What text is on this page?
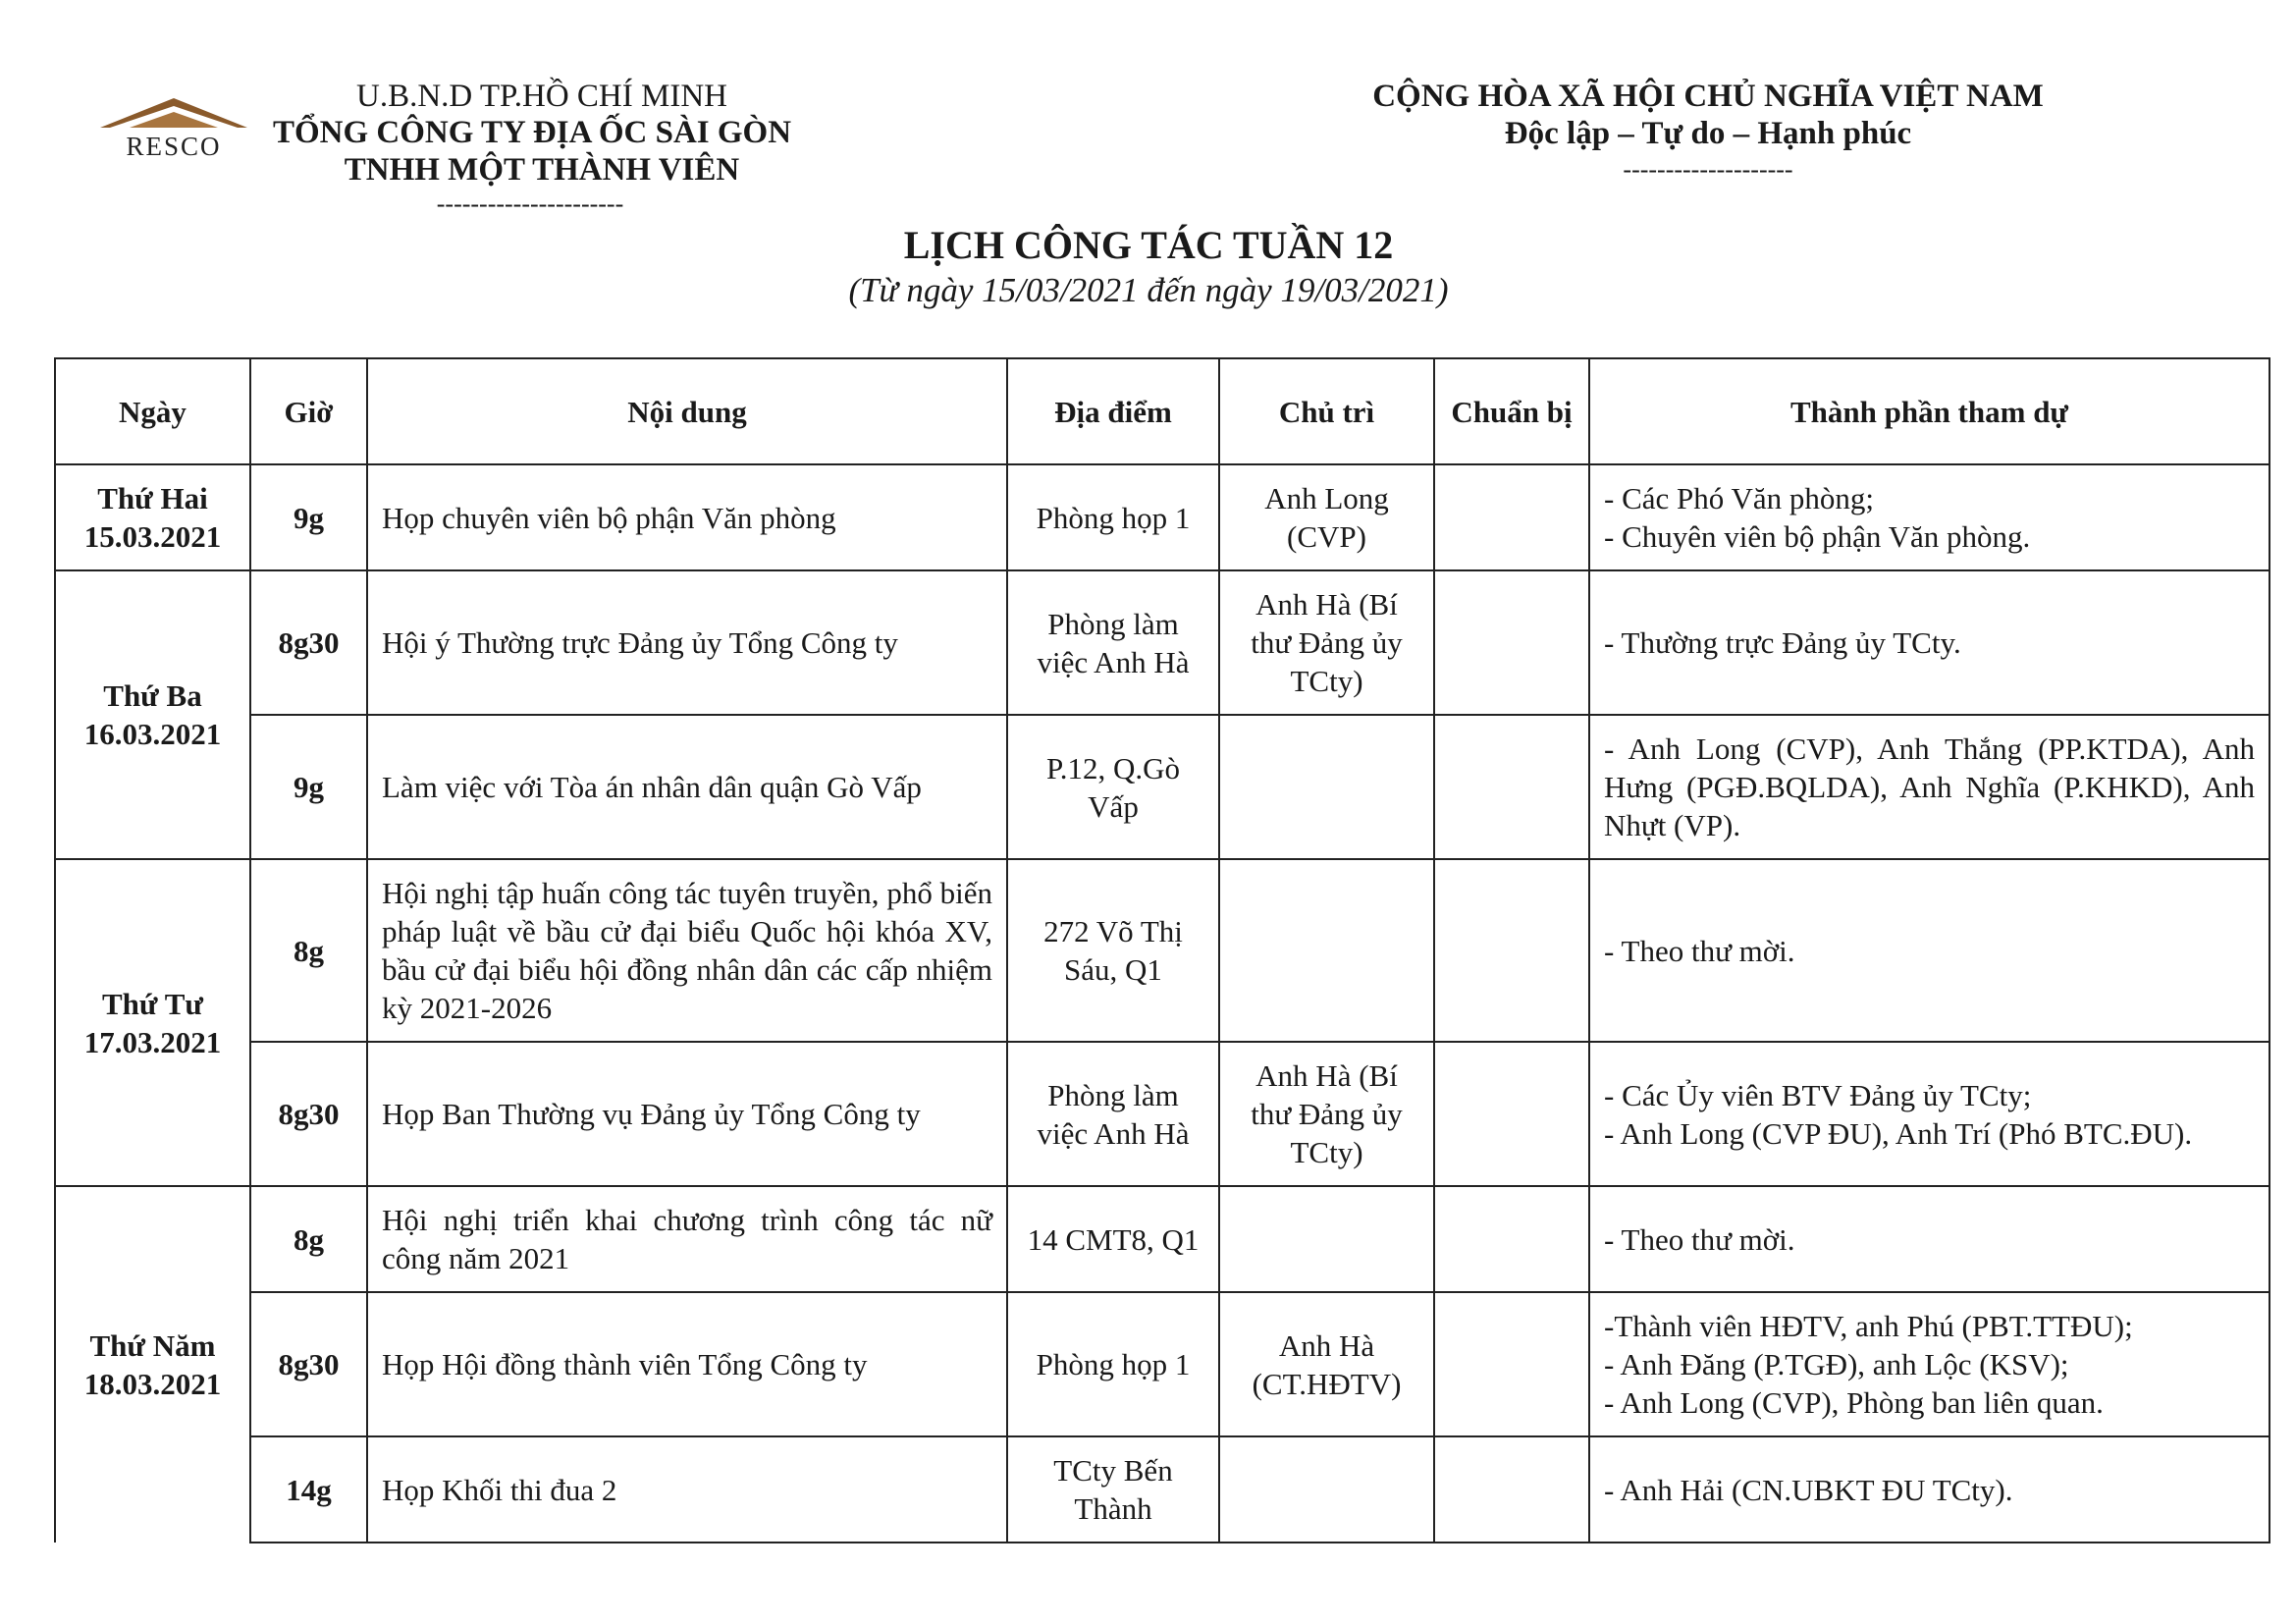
RESCO
U.B.N.D TP.HỒ CHÍ MINH
TỔNG CÔNG TY ĐỊA ỐC SÀI GÒN
TNHH MỘT THÀNH VIÊN
----------------------
CỘNG HÒA XÃ HỘI CHỦ NGHĨA VIỆT NAM
Độc lập – Tự do – Hạnh phúc
--------------------
LỊCH CÔNG TÁC TUẦN 12
(Từ ngày 15/03/2021 đến ngày 19/03/2021)
Ngày	Giờ	Nội dung	Địa điểm	Chủ trì	Chuẩn bị	Thành phần tham dự

Thứ Hai
15.03.2021	9g	Họp chuyên viên bộ phận Văn phòng	Phòng họp 1	Anh Long (CVP)		- Các Phó Văn phòng;
- Chuyên viên bộ phận Văn phòng.

Thứ Ba
16.03.2021	8g30	Hội ý Thường trực Đảng ủy Tổng Công ty	Phòng làm việc Anh Hà	Anh Hà (Bí thư Đảng ủy TCty)		- Thường trực Đảng ủy TCty.

	9g	Làm việc với Tòa án nhân dân quận Gò Vấp	P.12, Q.Gò Vấp			- Anh Long (CVP), Anh Thắng (PP.KTDA), Anh Hưng (PGĐ.BQLDA), Anh Nghĩa (P.KHKD), Anh Nhựt (VP).

Thứ Tư
17.03.2021	8g	Hội nghị tập huấn công tác tuyên truyền, phổ biến pháp luật về bầu cử đại biểu Quốc hội khóa XV, bầu cử đại biểu hội đồng nhân dân các cấp nhiệm kỳ 2021-2026	272 Võ Thị Sáu, Q1			- Theo thư mời.

	8g30	Họp Ban Thường vụ Đảng ủy Tổng Công ty	Phòng làm việc Anh Hà	Anh Hà (Bí thư Đảng ủy TCty)		- Các Ủy viên BTV Đảng ủy TCty;
- Anh Long (CVP ĐU), Anh Trí (Phó BTC.ĐU).

Thứ Năm
18.03.2021	8g	Hội nghị triển khai chương trình công tác nữ công năm 2021	14 CMT8, Q1			- Theo thư mời.

	8g30	Họp Hội đồng thành viên Tổng Công ty	Phòng họp 1	Anh Hà (CT.HĐTV)		-Thành viên HĐTV, anh Phú (PBT.TTĐU);
- Anh Đăng (P.TGĐ), anh Lộc (KSV);
- Anh Long (CVP), Phòng ban liên quan.

	14g	Họp Khối thi đua 2	TCty Bến Thành			- Anh Hải (CN.UBKT ĐU TCty).
